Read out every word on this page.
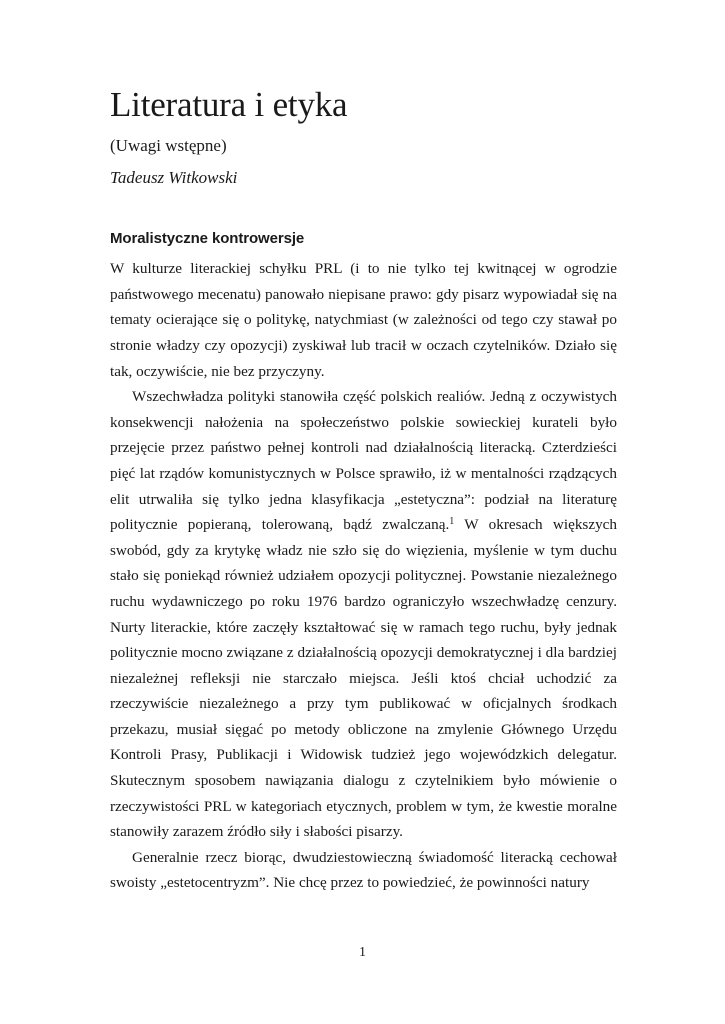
Literatura i etyka
(Uwagi wstępne)
Tadeusz Witkowski
Moralistyczne kontrowersje

W kulturze literackiej schyłku PRL (i to nie tylko tej kwitnącej w ogrodzie państwowego mecenatu) panowało niepisane prawo: gdy pisarz wypowiadał się na tematy ocierające się o politykę, natychmiast (w zależności od tego czy stawał po stronie władzy czy opozycji) zyskiwał lub tracił w oczach czytelników. Działo się tak, oczywiście, nie bez przyczyny.

Wszechwładza polityki stanowiła część polskich realiów. Jedną z oczywistych konsekwencji nałożenia na społeczeństwo polskie sowieckiej kurateli było przejęcie przez państwo pełnej kontroli nad działalnością literacką. Czterdzieści pięć lat rządów komunistycznych w Polsce sprawiło, iż w mentalności rządzących elit utrwaliła się tylko jedna klasyfikacja „estetyczna”: podział na literaturę politycznie popieraną, tolerowaną, bądź zwalczaną.$^1$ W okresach większych swobód, gdy za krytykę władz nie szło się do więzienia, myślenie w tym duchu stało się poniekąd również udziałem opozycji politycznej. Powstanie niezależnego ruchu wydawniczego po roku 1976 bardzo ograniczyło wszechwładzę cenzury. Nurty literackie, które zaczęły kształtować się w ramach tego ruchu, były jednak politycznie mocno związane z działalnością opozycji demokratycznej i dla bardziej niezależnej refleksji nie starczało miejsca. Jeśli ktoś chciał uchodzić za rzeczywiście niezależnego a przy tym publikować w oficjalnych środkach przekazu, musiał sięgać po metody obliczone na zmylenie Głównego Urzędu Kontroli Prasy, Publikacji i Widowisk tudzież jego wojewódzkich delegatur. Skutecznym sposobem nawiązania dialogu z czytelnikiem było mówienie o rzeczywistości PRL w kategoriach etycznych, problem w tym, że kwestie moralne stanowiły zarazem źródło siły i słabości pisarzy.

Generalnie rzecz biorąc, dwudziestowieczną świadomość literacką cechował swoisty „estetocentryzm”. Nie chcę przez to powiedzieć, że powinności natury

1
